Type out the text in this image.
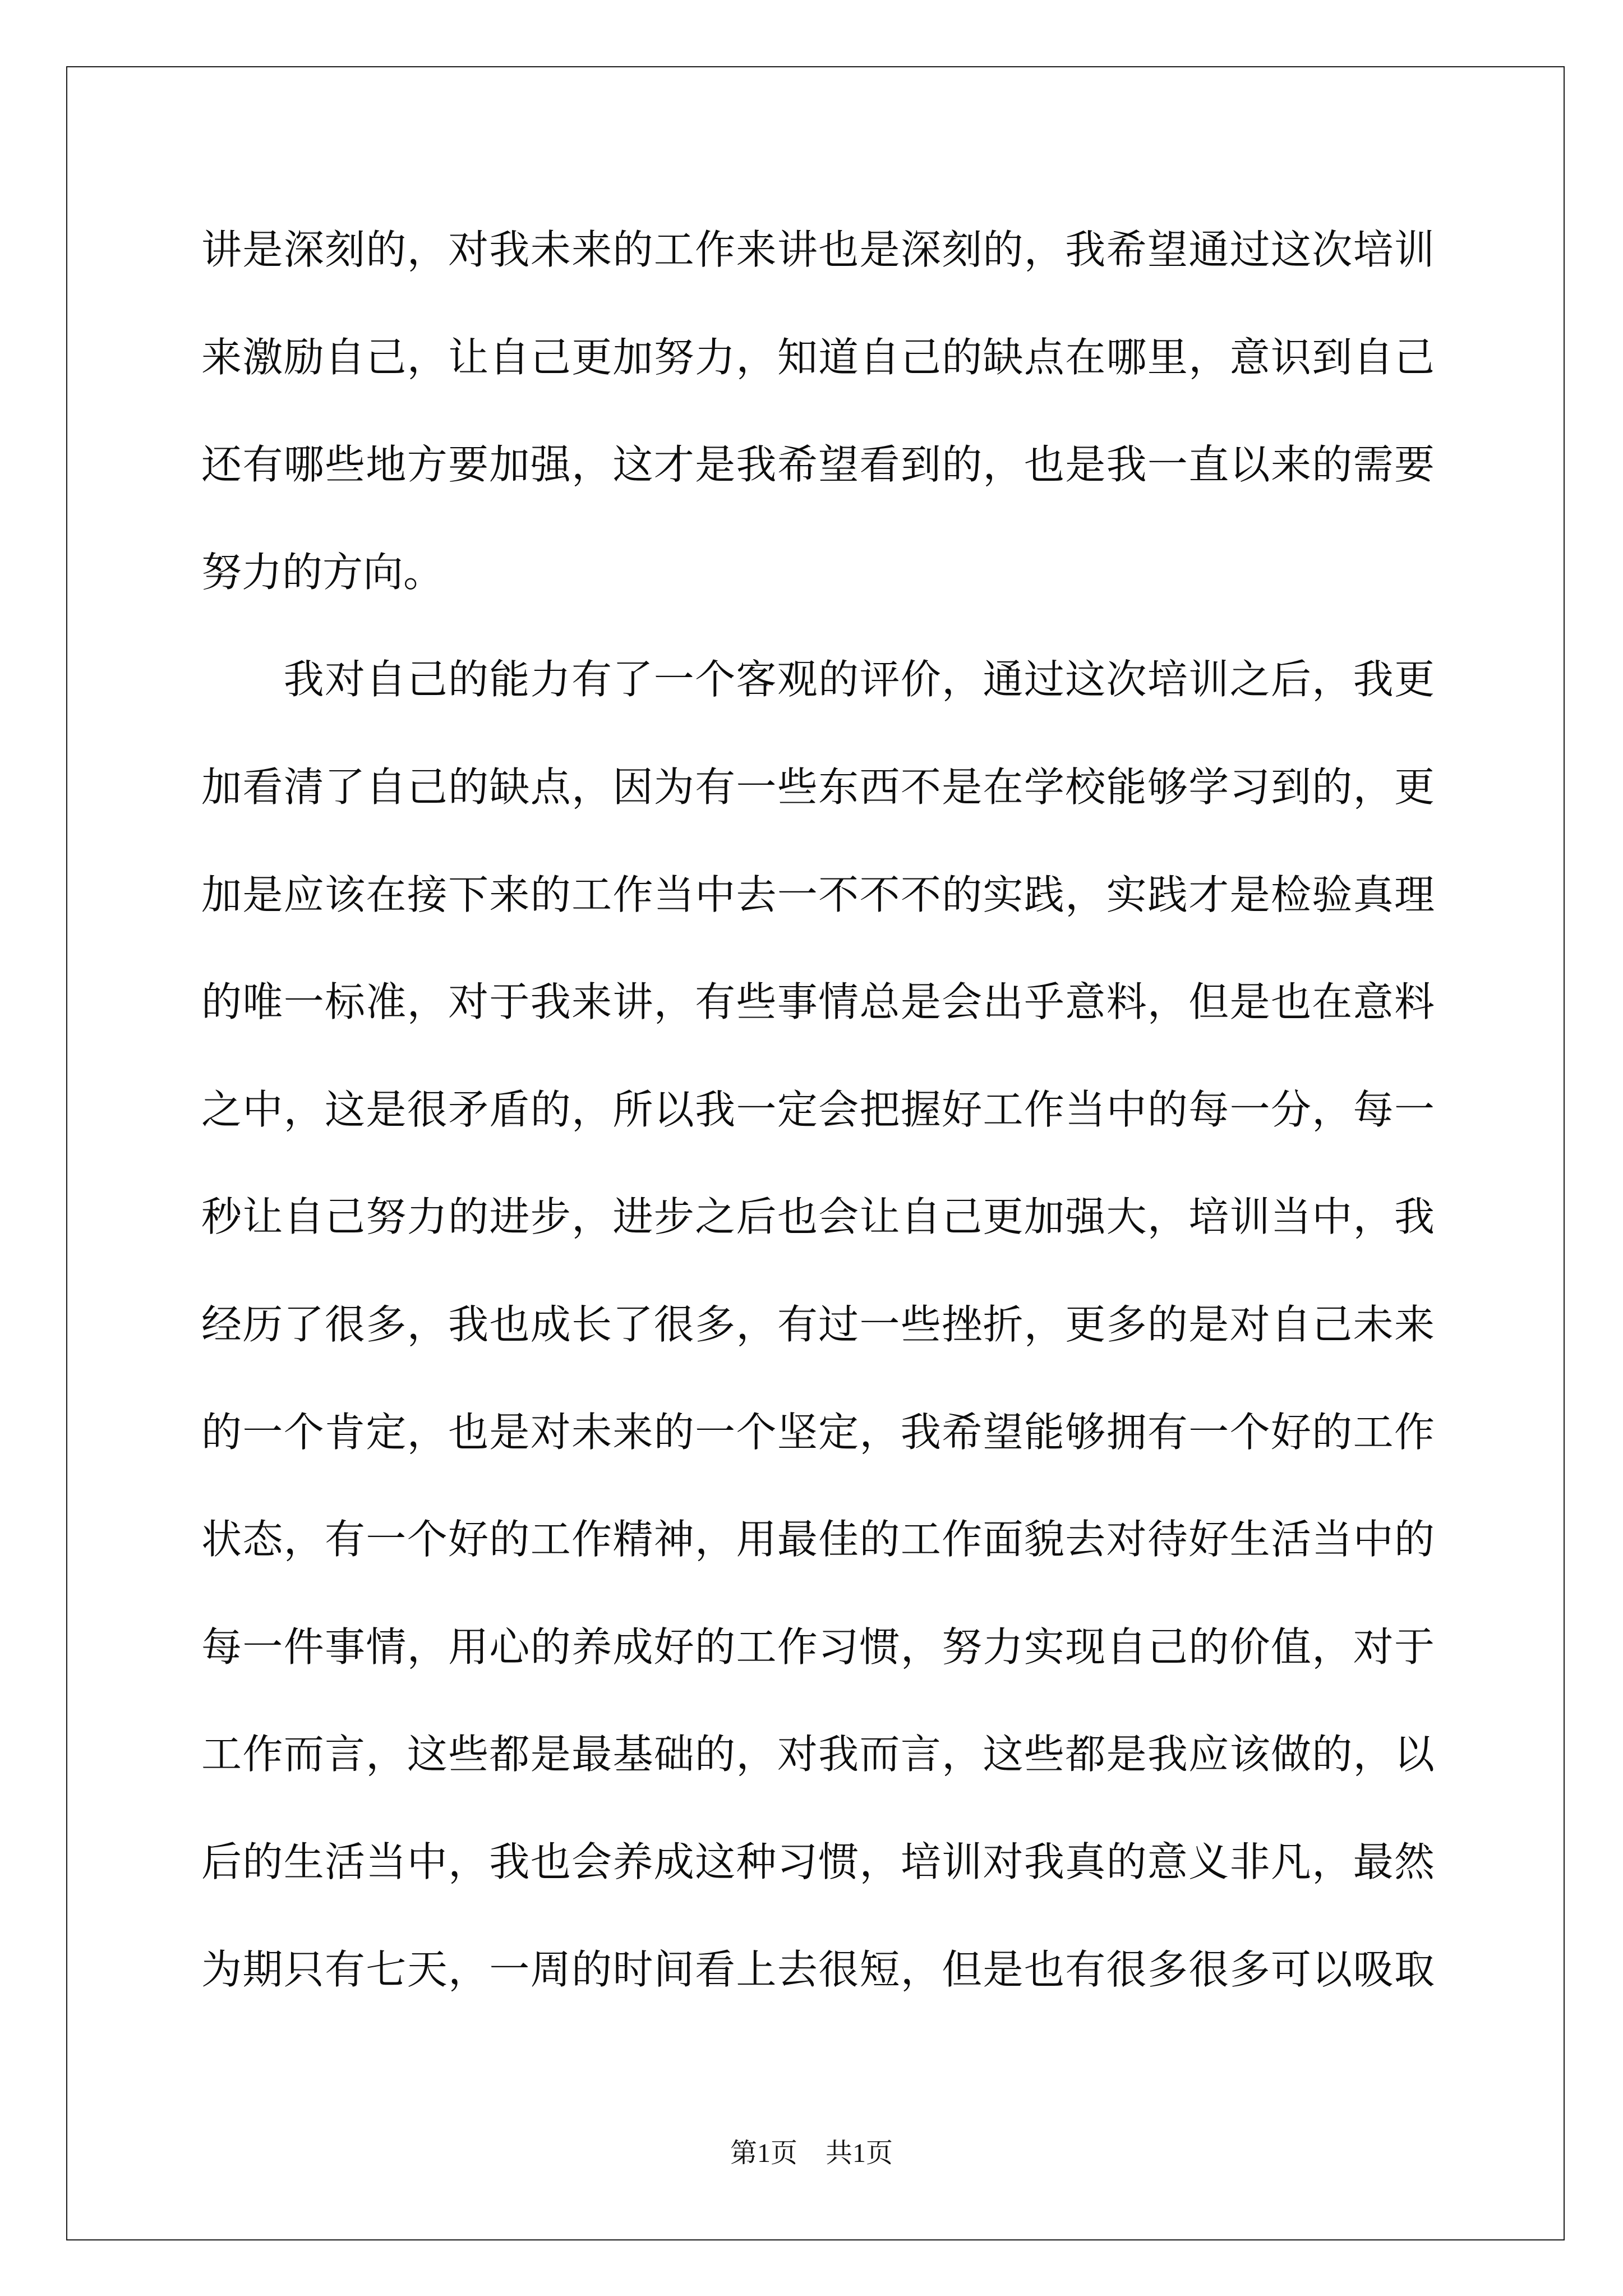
讲是深刻的，对我未来的工作来讲也是深刻的，我希望通过这次培训
来激励自己，让自己更加努力，知道自己的缺点在哪里，意识到自己
还有哪些地方要加强，这才是我希望看到的，也是我一直以来的需要
努力的方向。
我对自己的能力有了一个客观的评价，通过这次培训之后，我更
加看清了自己的缺点，因为有一些东西不是在学校能够学习到的，更
加是应该在接下来的工作当中去一不不不的实践，实践才是检验真理
的唯一标准，对于我来讲，有些事情总是会出乎意料，但是也在意料
之中，这是很矛盾的，所以我一定会把握好工作当中的每一分，每一
秒让自己努力的进步，进步之后也会让自己更加强大，培训当中，我
经历了很多，我也成长了很多，有过一些挫折，更多的是对自己未来
的一个肯定，也是对未来的一个坚定，我希望能够拥有一个好的工作
状态，有一个好的工作精神，用最佳的工作面貌去对待好生活当中的
每一件事情，用心的养成好的工作习惯，努力实现自己的价值，对于
工作而言，这些都是最基础的，对我而言，这些都是我应该做的，以
后的生活当中，我也会养成这种习惯，培训对我真的意义非凡，最然
为期只有七天，一周的时间看上去很短，但是也有很多很多可以吸取
第1页 共1页
